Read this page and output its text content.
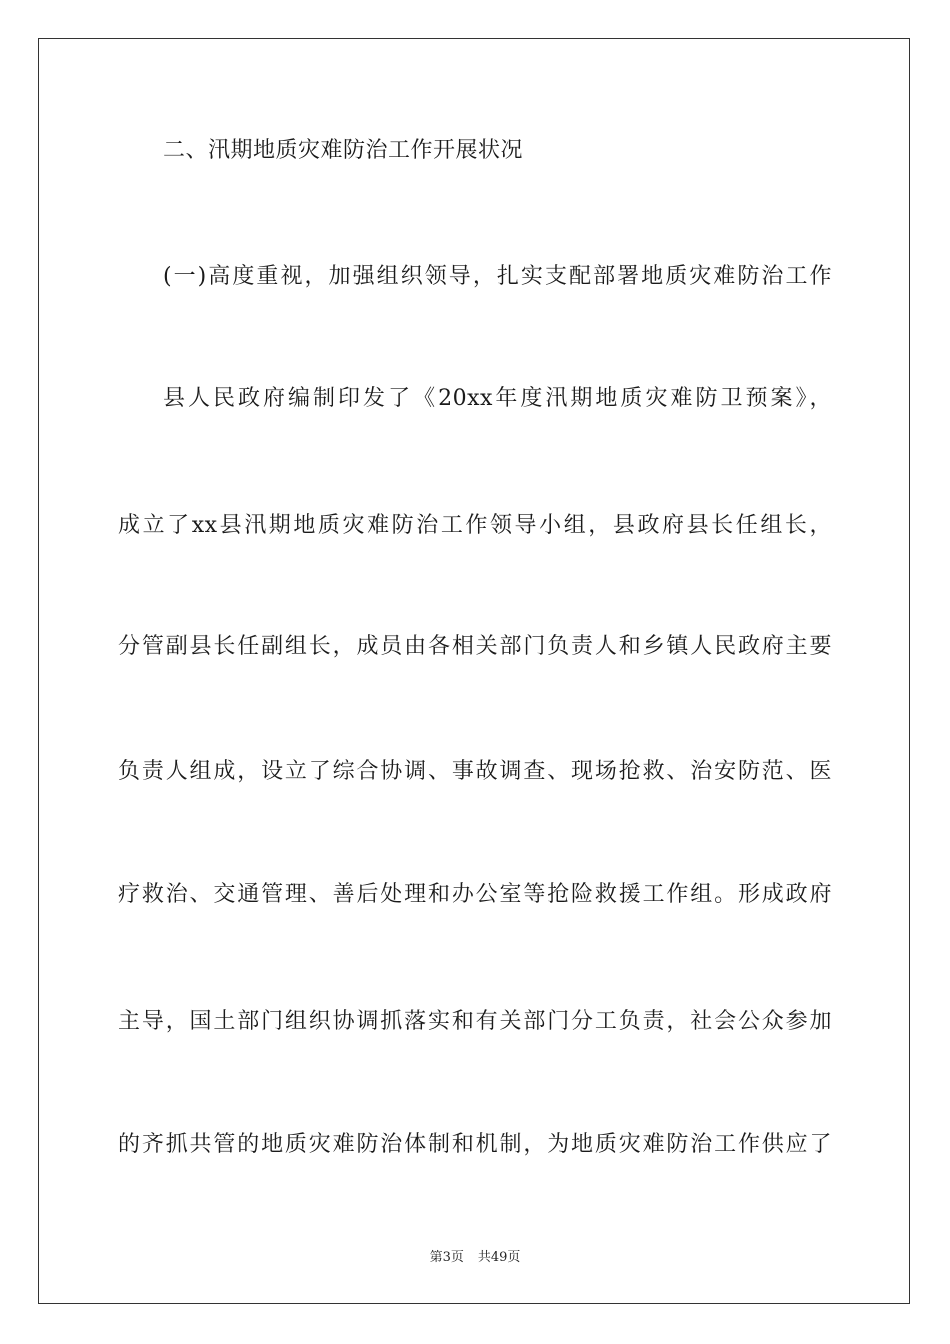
二、汛期地质灾难防治工作开展状况
(一)高度重视，加强组织领导，扎实支配部署地质灾难防治工作
县人民政府编制印发了《20xx年度汛期地质灾难防卫预案》，
成立了xx县汛期地质灾难防治工作领导小组，县政府县长任组长，
分管副县长任副组长，成员由各相关部门负责人和乡镇人民政府主要
负责人组成，设立了综合协调、事故调查、现场抢救、治安防范、医
疗救治、交通管理、善后处理和办公室等抢险救援工作组。形成政府
主导，国土部门组织协调抓落实和有关部门分工负责，社会公众参加
的齐抓共管的地质灾难防治体制和机制，为地质灾难防治工作供应了
第3页 共49页
